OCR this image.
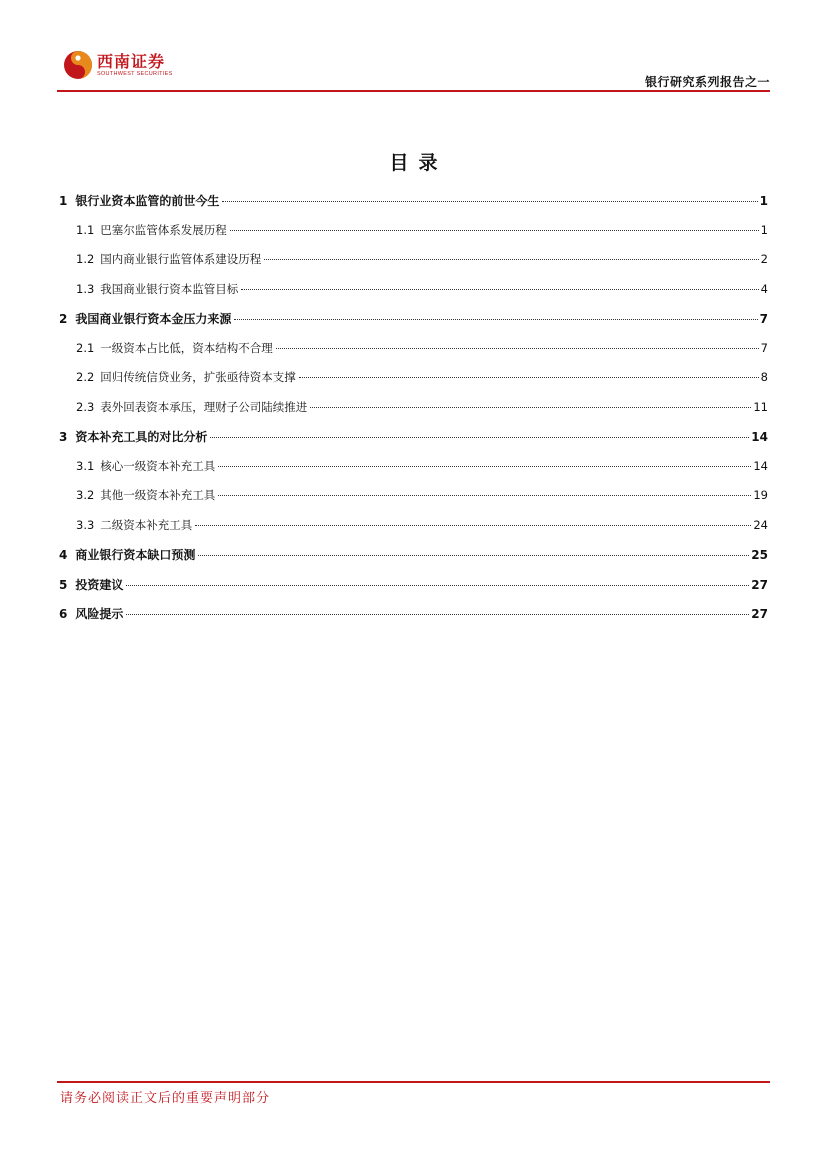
西南证券
SOUTHWEST SECURITIES
银行研究系列报告之一
目录
1 银行业资本监管的前世今生	1
1.1 巴塞尔监管体系发展历程	1
1.2 国内商业银行监管体系建设历程	2
1.3 我国商业银行资本监管目标	4
2 我国商业银行资本金压力来源	7
2.1 一级资本占比低，资本结构不合理	7
2.2 回归传统信贷业务，扩张亟待资本支撑	8
2.3 表外回表资本承压，理财子公司陆续推进	11
3 资本补充工具的对比分析	14
3.1 核心一级资本补充工具	14
3.2 其他一级资本补充工具	19
3.3 二级资本补充工具	24
4 商业银行资本缺口预测	25
5 投资建议	27
6 风险提示	27
请务必阅读正文后的重要声明部分
